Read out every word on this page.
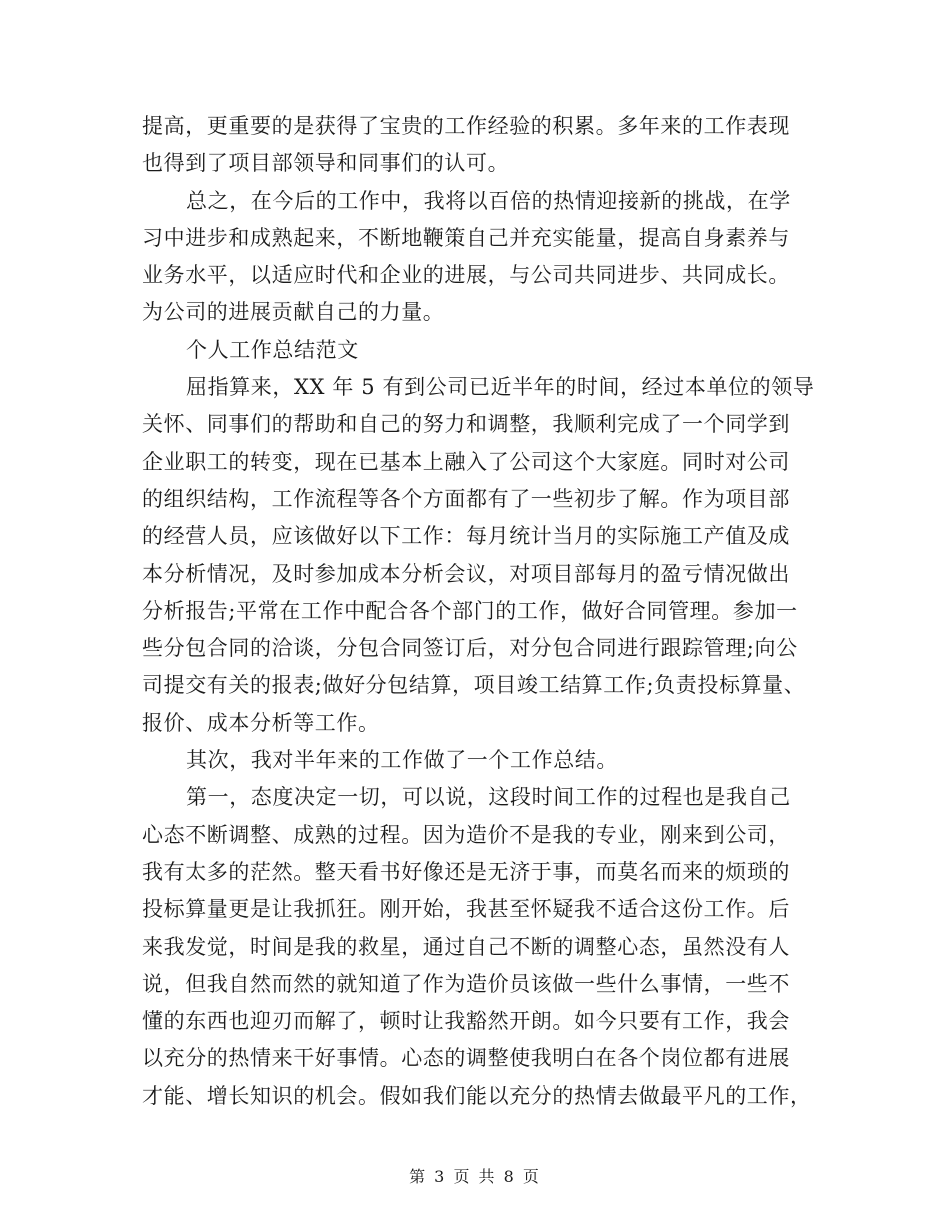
提高，更重要的是获得了宝贵的工作经验的积累。多年来的工作表现
也得到了项目部领导和同事们的认可。
总之，在今后的工作中，我将以百倍的热情迎接新的挑战，在学
习中进步和成熟起来，不断地鞭策自己并充实能量，提高自身素养与
业务水平，以适应时代和企业的进展，与公司共同进步、共同成长。
为公司的进展贡献自己的力量。
个人工作总结范文
屈指算来，XX 年 5 有到公司已近半年的时间，经过本单位的领导
关怀、同事们的帮助和自己的努力和调整，我顺利完成了一个同学到
企业职工的转变，现在已基本上融入了公司这个大家庭。同时对公司
的组织结构，工作流程等各个方面都有了一些初步了解。作为项目部
的经营人员，应该做好以下工作：每月统计当月的实际施工产值及成
本分析情况，及时参加成本分析会议，对项目部每月的盈亏情况做出
分析报告;平常在工作中配合各个部门的工作，做好合同管理。参加一
些分包合同的洽谈，分包合同签订后，对分包合同进行跟踪管理;向公
司提交有关的报表;做好分包结算，项目竣工结算工作;负责投标算量、
报价、成本分析等工作。
其次，我对半年来的工作做了一个工作总结。
第一，态度决定一切，可以说，这段时间工作的过程也是我自己
心态不断调整、成熟的过程。因为造价不是我的专业，刚来到公司，
我有太多的茫然。整天看书好像还是无济于事，而莫名而来的烦琐的
投标算量更是让我抓狂。刚开始，我甚至怀疑我不适合这份工作。后
来我发觉，时间是我的救星，通过自己不断的调整心态，虽然没有人
说，但我自然而然的就知道了作为造价员该做一些什么事情，一些不
懂的东西也迎刃而解了，顿时让我豁然开朗。如今只要有工作，我会
以充分的热情来干好事情。心态的调整使我明白在各个岗位都有进展
才能、增长知识的机会。假如我们能以充分的热情去做最平凡的工作，
第 3 页 共 8 页
